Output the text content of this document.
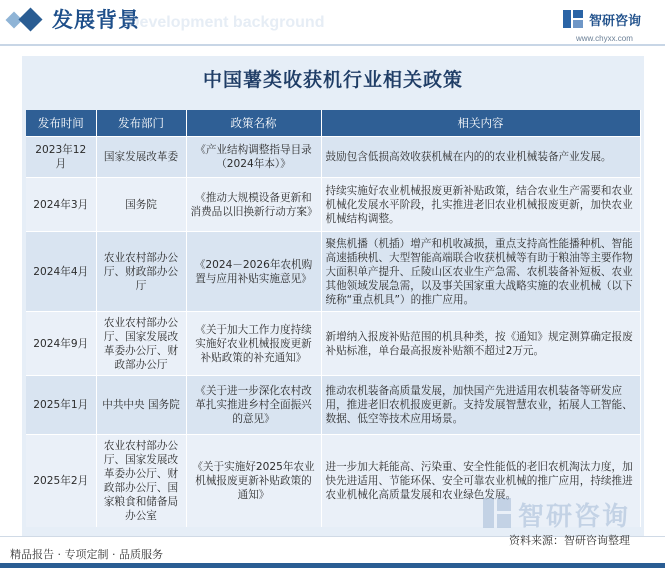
Development background
发展背景	智研咨询
www.chyxx.com
中国薯类收获机行业相关政策
发布时间	发布部门	政策名称	相关内容
2023年12月	国家发展改革委	《产业结构调整指导目录（2024年本）》	鼓励包含低损高效收获机械在内的的农业机械装备产业发展。
2024年3月	国务院	《推动大规模设备更新和消费品以旧换新行动方案》	持续实施好农业机械报废更新补贴政策，结合农业生产需要和农业机械化发展水平阶段，扎实推进老旧农业机械报废更新，加快农业机械结构调整。
2024年4月	农业农村部办公厅、财政部办公厅	《2024－2026年农机购置与应用补贴实施意见》	聚焦机播（机插）增产和机收减损，重点支持高性能播种机、智能高速插秧机、大型智能高端联合收获机械等有助于粮油等主要作物大面积单产提升、丘陵山区农业生产急需、农机装备补短板、农业其他领域发展急需，以及事关国家重大战略实施的农业机械（以下统称“重点机具”）的推广应用。
2024年9月	农业农村部办公厅、国家发展改革委办公厅、财政部办公厅	《关于加大工作力度持续实施好农业机械报废更新补贴政策的补充通知》	新增纳入报废补贴范围的机具种类，按《通知》规定测算确定报废补贴标准，单台最高报废补贴额不超过2万元。
2025年1月	中共中央 国务院	《关于进一步深化农村改革扎实推进乡村全面振兴的意见》	推动农机装备高质量发展，加快国产先进适用农机装备等研发应用，推进老旧农机报废更新。支持发展智慧农业，拓展人工智能、数据、低空等技术应用场景。
2025年2月	农业农村部办公厅、国家发展改革委办公厅、财政部办公厅、国家粮食和储备局办公室	《关于实施好2025年农业机械报废更新补贴政策的通知》	进一步加大耗能高、污染重、安全性能低的老旧农机淘汰力度，加快先进适用、节能环保、安全可靠农业机械的推广应用，持续推进农业机械化高质量发展和农业绿色发展。
智研咨询
精品报告 · 专项定制 · 品质服务
资料来源：智研咨询整理
